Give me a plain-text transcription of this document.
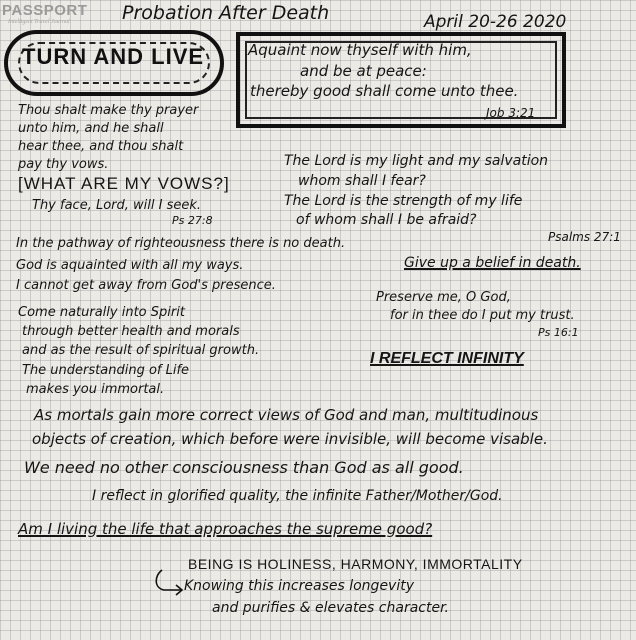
PASSPORT
Intelligent Travel Journal	Probation After Death	April 20-26 2020
TURN AND LIVE	Aquaint now thyself with him,
and be at peace:
thereby good shall come unto thee.
Job 3:21
Thou shalt make thy prayer
unto him, and he shall
hear thee, and thou shalt
pay thy vows.
[WHAT ARE MY VOWS?]
Thy face, Lord, will I seek.
Ps 27:8
The Lord is my light and my salvation
whom shall I fear?
The Lord is the strength of my life
of whom shall I be afraid?
Psalms 27:1
In the pathway of righteousness there is no death.
God is aquainted with all my ways.
I cannot get away from God's presence.
Give up a belief in death.
Preserve me, O God,
for in thee do I put my trust.
Ps 16:1
I REFLECT INFINITY
Come naturally into Spirit
through better health and morals
and as the result of spiritual growth.
The understanding of Life
makes you immortal.
As mortals gain more correct views of God and man, multitudinous
objects of creation, which before were invisible, will become visable.
We need no other consciousness than God as all good.
I reflect in glorified quality, the infinite Father/Mother/God.
Am I living the life that approaches the supreme good?
BEING IS HOLINESS, HARMONY, IMMORTALITY
Knowing this increases longevity
and purifies & elevates character.
